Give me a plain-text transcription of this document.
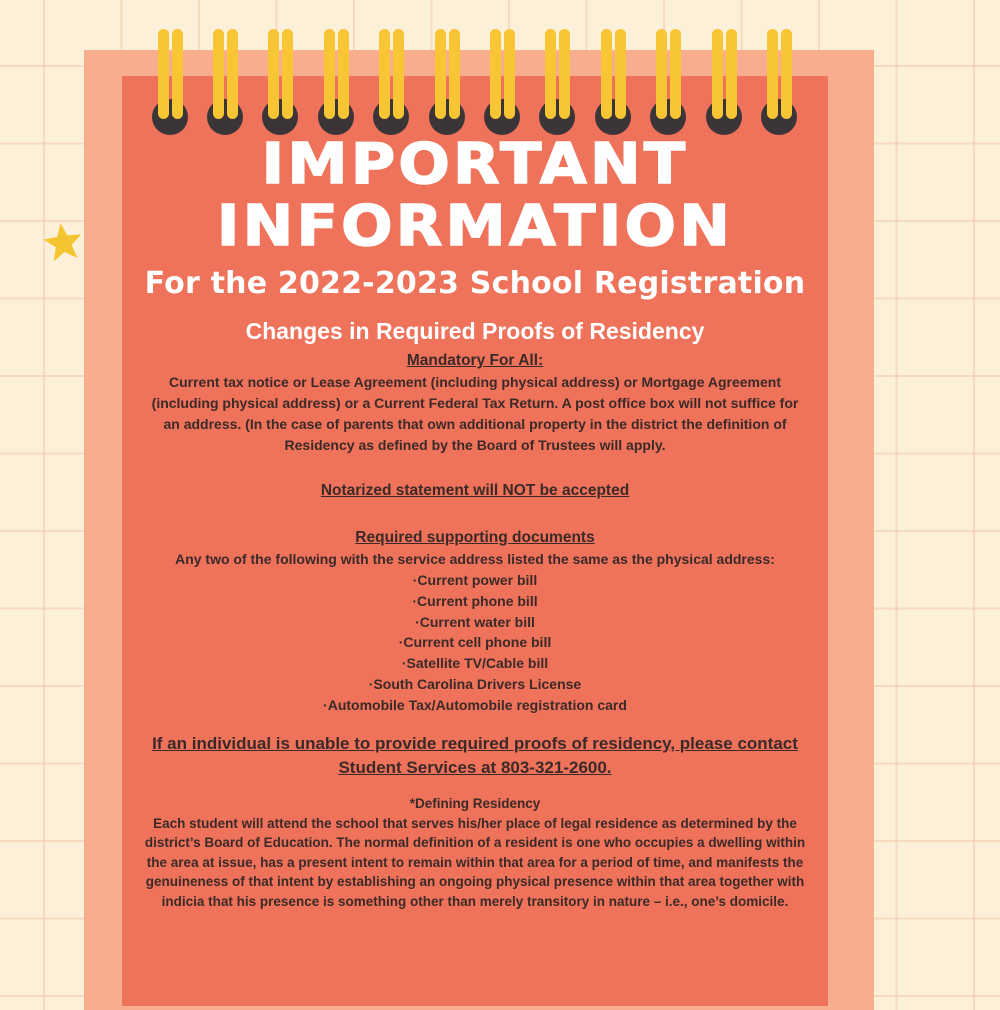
IMPORTANT
INFORMATION
For the 2022-2023 School Registration
Changes in Required Proofs of Residency
Mandatory For All:
Current tax notice or Lease Agreement (including physical address) or Mortgage Agreement (including physical address) or a Current Federal Tax Return. A post office box will not suffice for an address. (In the case of parents that own additional property in the district the definition of Residency as defined by the Board of Trustees will apply.
Notarized statement will NOT be accepted
Required supporting documents
Any two of the following with the service address listed the same as the physical address:
·Current power bill
·Current phone bill
·Current water bill
·Current cell phone bill
·Satellite TV/Cable bill
·South Carolina Drivers License
·Automobile Tax/Automobile registration card
If an individual is unable to provide required proofs of residency, please contact Student Services at 803-321-2600.
*Defining Residency
Each student will attend the school that serves his/her place of legal residence as determined by the district’s Board of Education. The normal definition of a resident is one who occupies a dwelling within the area at issue, has a present intent to remain within that area for a period of time, and manifests the genuineness of that intent by establishing an ongoing physical presence within that area together with indicia that his presence is something other than merely transitory in nature – i.e., one’s domicile.
